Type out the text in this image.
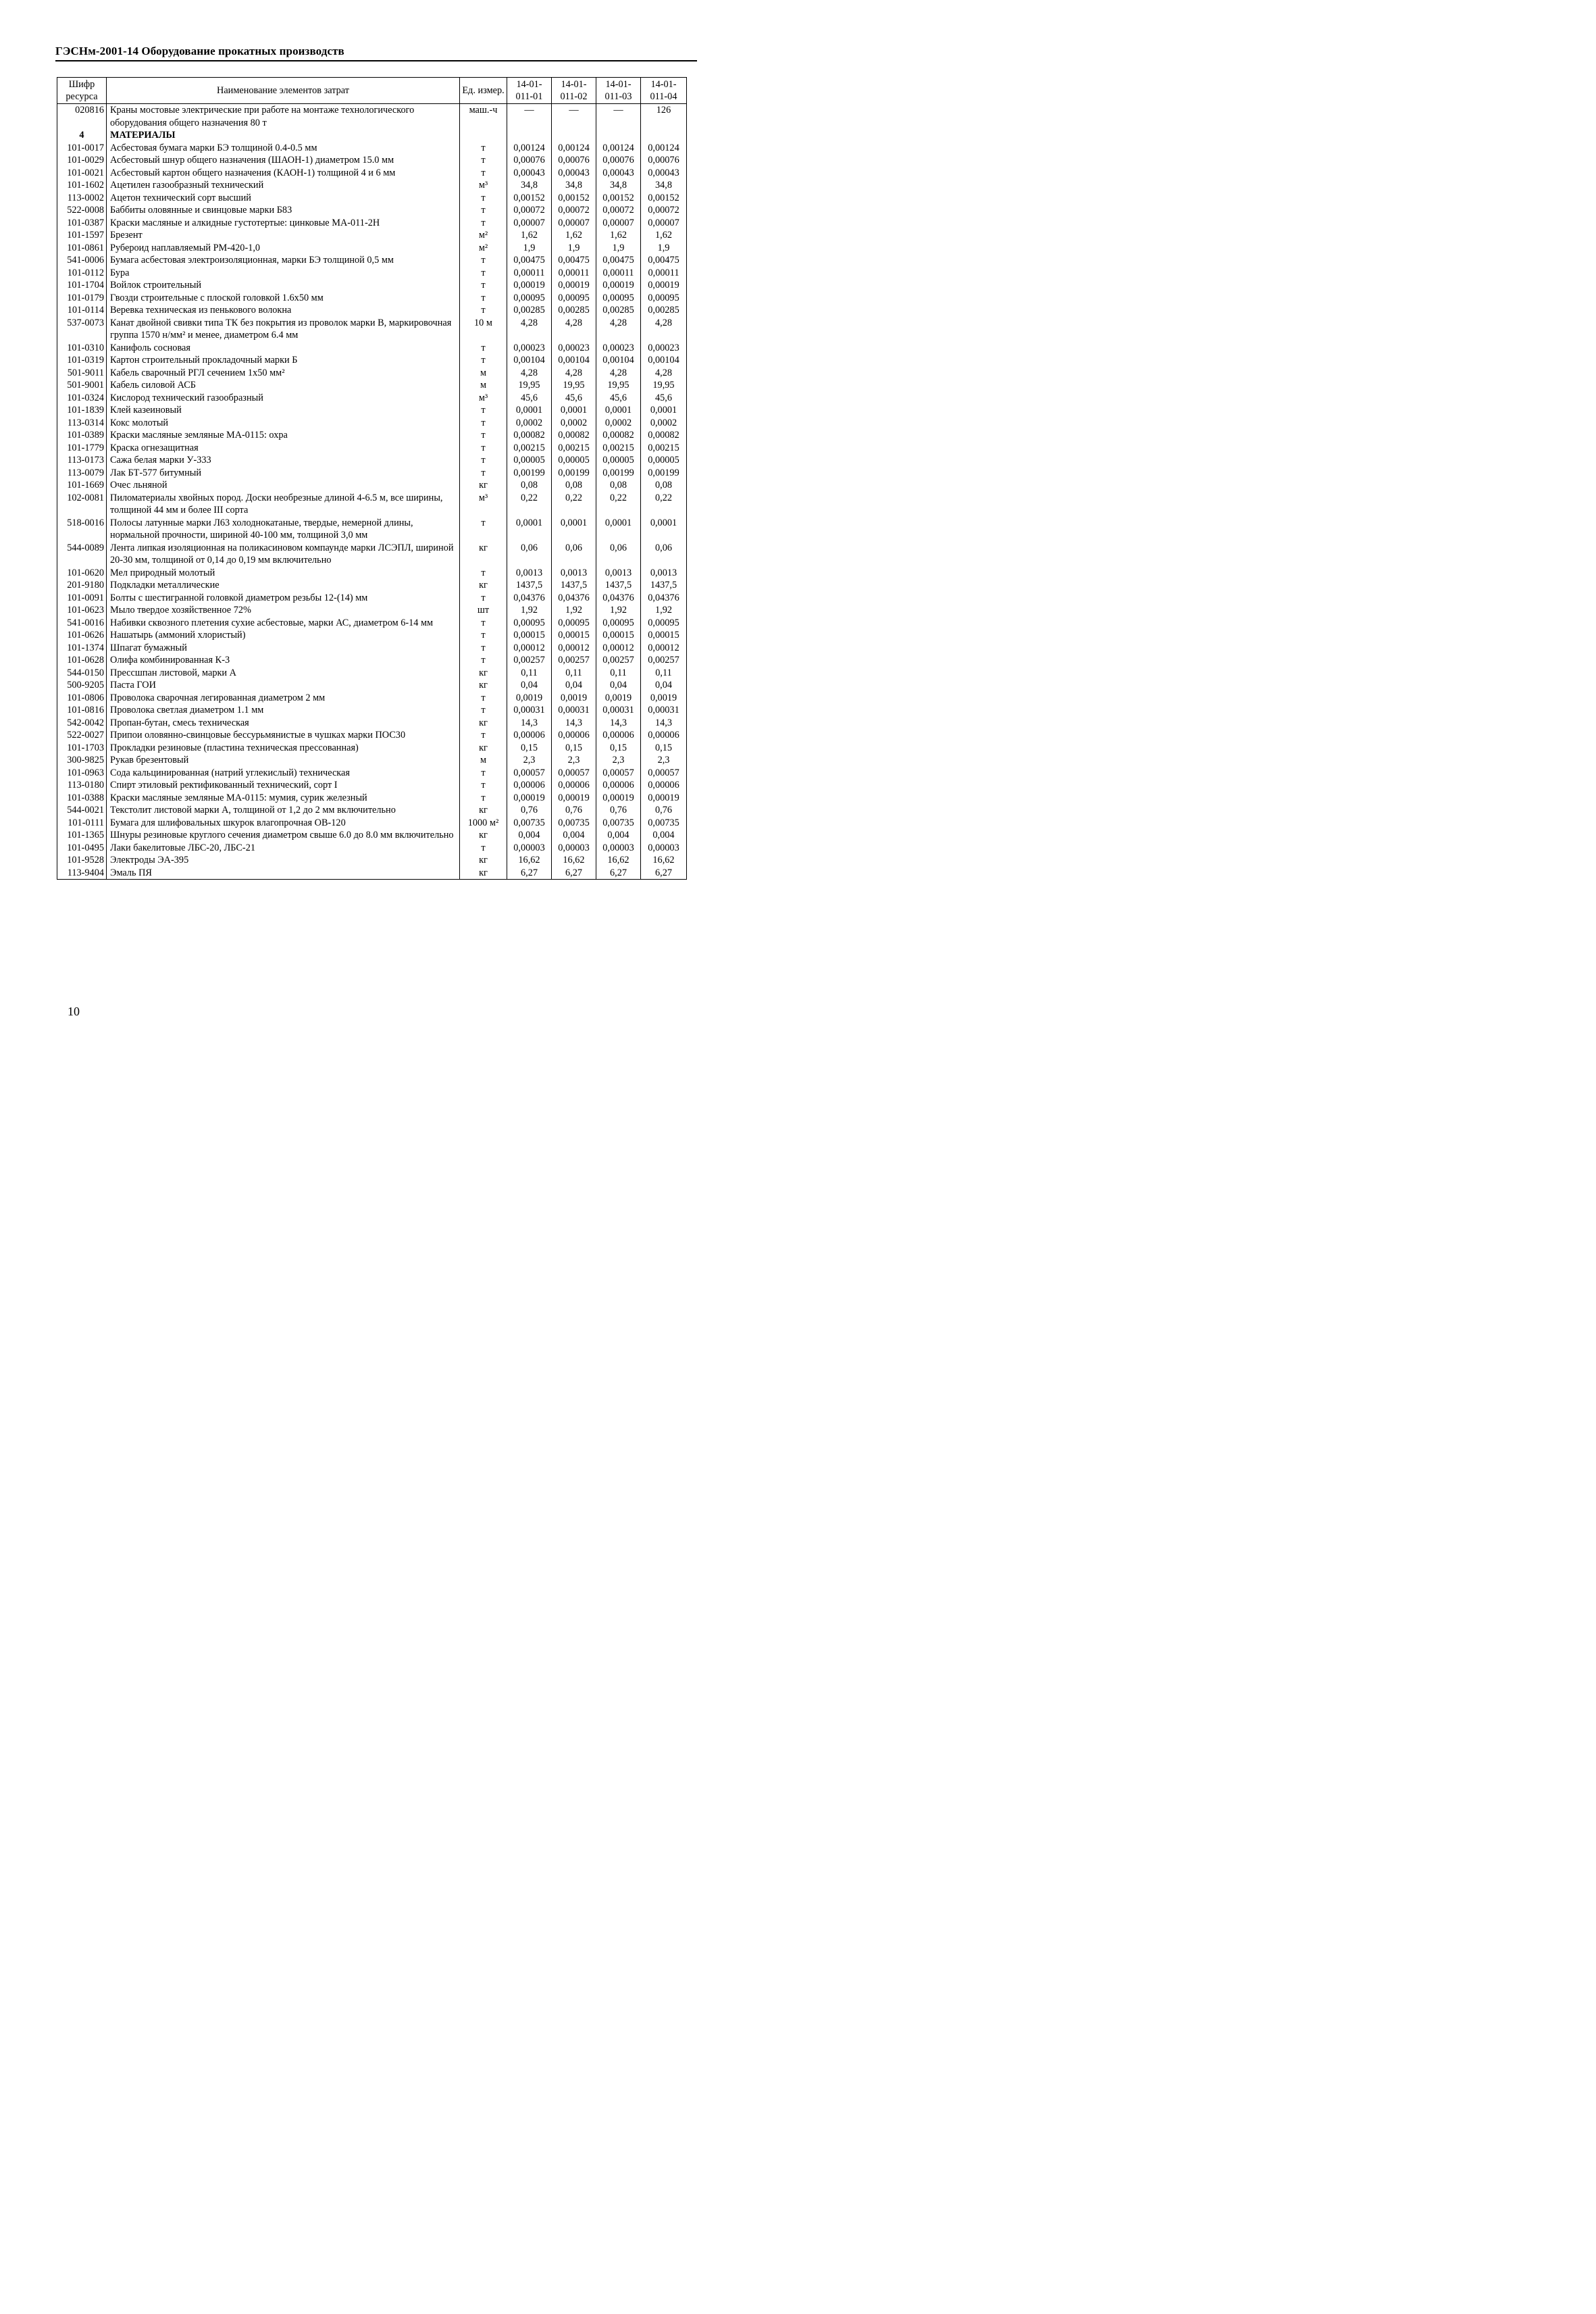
ГЭСНм-2001-14 Оборудование прокатных производств
Шифр ресурса	Наименование элементов затрат	Ед. измер.	14-01-011-01	14-01-011-02	14-01-011-03	14-01-011-04
020816	Краны мостовые электрические при работе на монтаже технологического оборудования общего назначения 80 т	маш.-ч	—	—	—	126
4	МАТЕРИАЛЫ					
101-0017	Асбестовая бумага марки БЭ толщиной 0.4-0.5 мм	т	0,00124	0,00124	0,00124	0,00124
101-0029	Асбестовый шнур общего назначения (ШАОН-1) диаметром 15.0 мм	т	0,00076	0,00076	0,00076	0,00076
101-0021	Асбестовый картон общего назначения (КАОН-1) толщиной 4 и 6 мм	т	0,00043	0,00043	0,00043	0,00043
101-1602	Ацетилен газообразный технический	м³	34,8	34,8	34,8	34,8
113-0002	Ацетон технический сорт высший	т	0,00152	0,00152	0,00152	0,00152
522-0008	Баббиты оловянные и свинцовые марки Б83	т	0,00072	0,00072	0,00072	0,00072
101-0387	Краски масляные и алкидные густотертые: цинковые МА-011-2Н	т	0,00007	0,00007	0,00007	0,00007
101-1597	Брезент	м²	1,62	1,62	1,62	1,62
101-0861	Рубероид наплавляемый РМ-420-1,0	м²	1,9	1,9	1,9	1,9
541-0006	Бумага асбестовая электроизоляционная, марки БЭ толщиной 0,5 мм	т	0,00475	0,00475	0,00475	0,00475
101-0112	Бура	т	0,00011	0,00011	0,00011	0,00011
101-1704	Войлок строительный	т	0,00019	0,00019	0,00019	0,00019
101-0179	Гвозди строительные с плоской головкой 1.6x50 мм	т	0,00095	0,00095	0,00095	0,00095
101-0114	Веревка техническая из пенькового волокна	т	0,00285	0,00285	0,00285	0,00285
537-0073	Канат двойной свивки типа ТК без покрытия из проволок марки В, маркировочная группа 1570 н/мм² и менее, диаметром 6.4 мм	10 м	4,28	4,28	4,28	4,28
101-0310	Канифоль сосновая	т	0,00023	0,00023	0,00023	0,00023
101-0319	Картон строительный прокладочный марки Б	т	0,00104	0,00104	0,00104	0,00104
501-9011	Кабель сварочный РГЛ сечением 1x50 мм²	м	4,28	4,28	4,28	4,28
501-9001	Кабель силовой АСБ	м	19,95	19,95	19,95	19,95
101-0324	Кислород технический газообразный	м³	45,6	45,6	45,6	45,6
101-1839	Клей казеиновый	т	0,0001	0,0001	0,0001	0,0001
113-0314	Кокс молотый	т	0,0002	0,0002	0,0002	0,0002
101-0389	Краски масляные земляные МА-0115: охра	т	0,00082	0,00082	0,00082	0,00082
101-1779	Краска огнезащитная	т	0,00215	0,00215	0,00215	0,00215
113-0173	Сажа белая марки У-333	т	0,00005	0,00005	0,00005	0,00005
113-0079	Лак БТ-577 битумный	т	0,00199	0,00199	0,00199	0,00199
101-1669	Очес льняной	кг	0,08	0,08	0,08	0,08
102-0081	Пиломатериалы хвойных пород. Доски необрезные длиной 4-6.5 м, все ширины, толщиной 44 мм и более III сорта	м³	0,22	0,22	0,22	0,22
518-0016	Полосы латунные марки Л63 холоднокатаные, твердые, немерной длины, нормальной прочности, шириной 40-100 мм, толщиной 3,0 мм	т	0,0001	0,0001	0,0001	0,0001
544-0089	Лента липкая изоляционная на поликасиновом компаунде марки ЛСЭПЛ, шириной 20-30 мм, толщиной от 0,14 до 0,19 мм включительно	кг	0,06	0,06	0,06	0,06
101-0620	Мел природный молотый	т	0,0013	0,0013	0,0013	0,0013
201-9180	Подкладки металлические	кг	1437,5	1437,5	1437,5	1437,5
101-0091	Болты с шестигранной головкой диаметром резьбы 12-(14) мм	т	0,04376	0,04376	0,04376	0,04376
101-0623	Мыло твердое хозяйственное 72%	шт	1,92	1,92	1,92	1,92
541-0016	Набивки сквозного плетения сухие асбестовые, марки АС, диаметром 6-14 мм	т	0,00095	0,00095	0,00095	0,00095
101-0626	Нашатырь (аммоний хлористый)	т	0,00015	0,00015	0,00015	0,00015
101-1374	Шпагат бумажный	т	0,00012	0,00012	0,00012	0,00012
101-0628	Олифа комбинированная К-3	т	0,00257	0,00257	0,00257	0,00257
544-0150	Прессшпан листовой, марки А	кг	0,11	0,11	0,11	0,11
500-9205	Паста ГОИ	кг	0,04	0,04	0,04	0,04
101-0806	Проволока сварочная легированная диаметром 2 мм	т	0,0019	0,0019	0,0019	0,0019
101-0816	Проволока светлая диаметром 1.1 мм	т	0,00031	0,00031	0,00031	0,00031
542-0042	Пропан-бутан, смесь техническая	кг	14,3	14,3	14,3	14,3
522-0027	Припои оловянно-свинцовые бессурьмянистые в чушках марки ПОС30	т	0,00006	0,00006	0,00006	0,00006
101-1703	Прокладки резиновые (пластина техническая прессованная)	кг	0,15	0,15	0,15	0,15
300-9825	Рукав брезентовый	м	2,3	2,3	2,3	2,3
101-0963	Сода кальцинированная (натрий углекислый) техническая	т	0,00057	0,00057	0,00057	0,00057
113-0180	Спирт этиловый ректификованный технический, сорт I	т	0,00006	0,00006	0,00006	0,00006
101-0388	Краски масляные земляные МА-0115: мумия, сурик железный	т	0,00019	0,00019	0,00019	0,00019
544-0021	Текстолит листовой марки А, толщиной от 1,2 до 2 мм включительно	кг	0,76	0,76	0,76	0,76
101-0111	Бумага для шлифовальных шкурок влагопрочная ОВ-120	1000 м²	0,00735	0,00735	0,00735	0,00735
101-1365	Шнуры резиновые круглого сечения диаметром свыше 6.0 до 8.0 мм включительно	кг	0,004	0,004	0,004	0,004
101-0495	Лаки бакелитовые ЛБС-20, ЛБС-21	т	0,00003	0,00003	0,00003	0,00003
101-9528	Электроды ЭА-395	кг	16,62	16,62	16,62	16,62
113-9404	Эмаль ПЯ	кг	6,27	6,27	6,27	6,27
10
